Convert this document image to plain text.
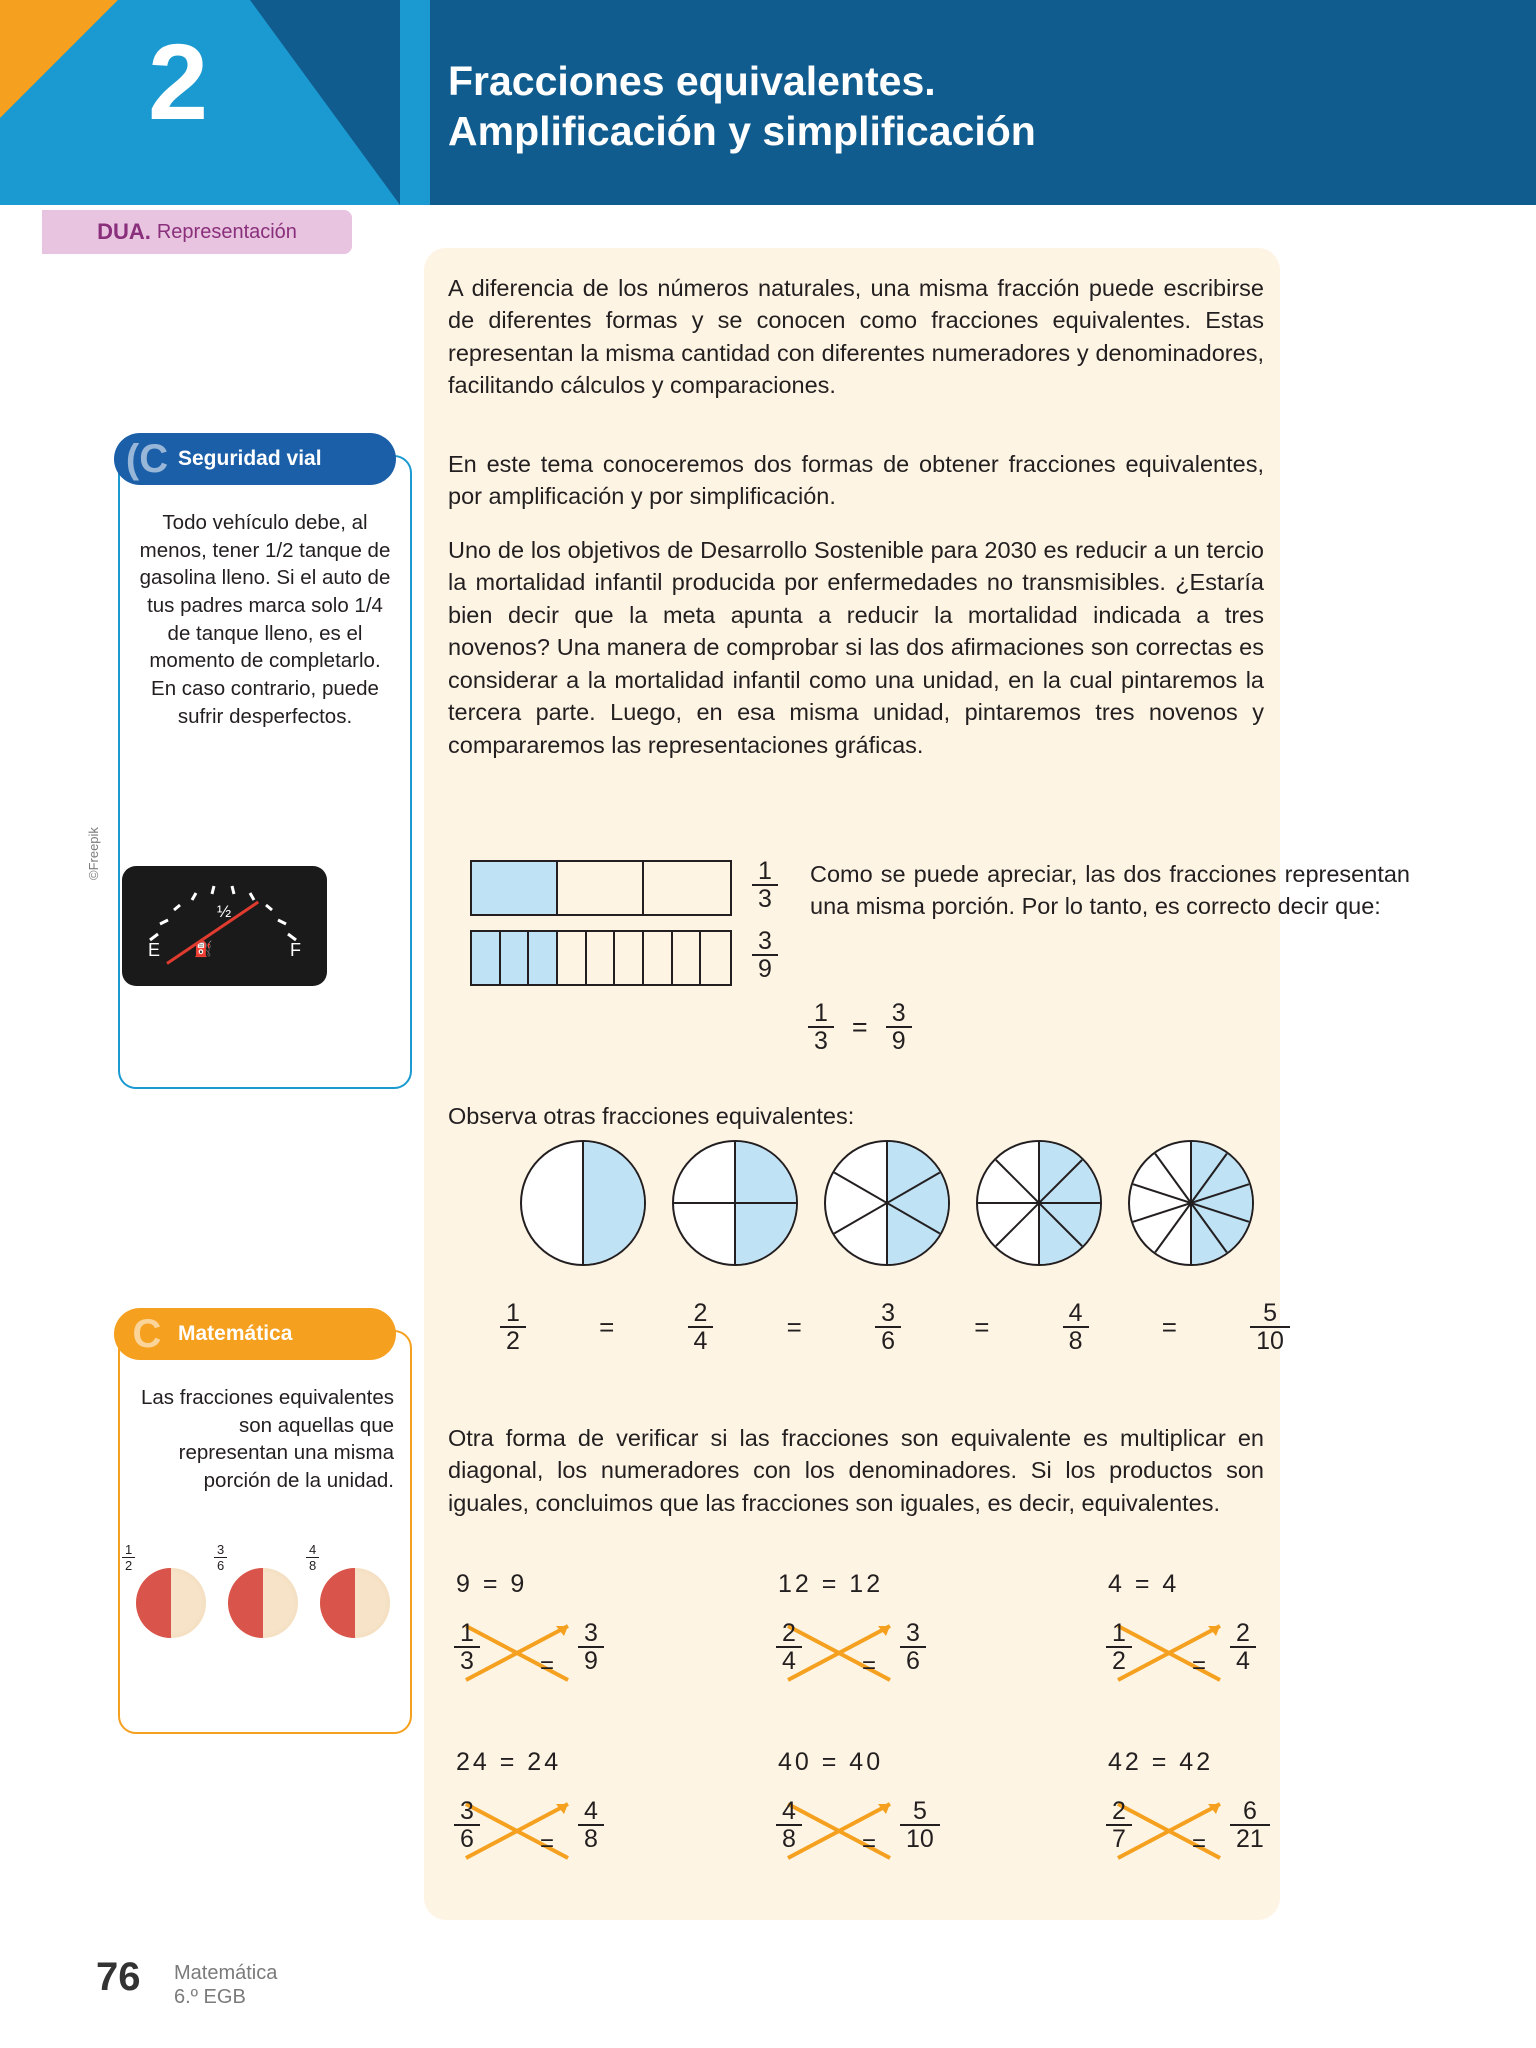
2	Fracciones equivalentes.
Amplificación y simplificación
DUA. Representación
(C Seguridad vial
Todo vehículo debe, al menos, tener 1/2 tanque de gasolina lleno. Si el auto de tus padres marca solo 1/4 de tanque lleno, es el momento de completarlo. En caso contrario, puede sufrir desperfectos.
©Freepik
½
E	F
⛽
C Matemática
Las fracciones equivalentes son aquellas que representan una misma porción de la unidad.
$\frac{1}{2}$	$\frac{3}{6}$	$\frac{4}{8}$
A diferencia de los números naturales, una misma fracción puede escribirse de diferentes formas y se conocen como fracciones equivalentes. Estas representan la misma cantidad con diferentes numeradores y denominadores, facilitando cálculos y comparaciones.
En este tema conoceremos dos formas de obtener fracciones equivalentes, por amplificación y por simplificación.
Uno de los objetivos de Desarrollo Sostenible para 2030 es reducir a un tercio la mortalidad infantil producida por enfermedades no transmisibles. ¿Estaría bien decir que la meta apunta a reducir la mortalidad indicada a tres novenos? Una manera de comprobar si las dos afirmaciones son correctas es considerar a la mortalidad infantil como una unidad, en la cual pintaremos la tercera parte. Luego, en esa misma unidad, pintaremos tres novenos y compararemos las representaciones gráficas.
$\frac{1}{3}$
$\frac{3}{9}$
Como se puede apreciar, las dos fracciones representan una misma porción. Por lo tanto, es correcto decir que:
$\frac{1}{3} = \frac{3}{9}$
Observa otras fracciones equivalentes:
$\frac{1}{2}$	=	$\frac{2}{4}$	=	$\frac{3}{6}$	=	$\frac{4}{8}$	=	$\frac{5}{10}$
Otra forma de verificar si las fracciones son equivalente es multiplicar en diagonal, los numeradores con los denominadores. Si los productos son iguales, concluimos que las fracciones son iguales, es decir, equivalentes.
9 = 9
$\frac{1}{3}$	= $\frac{3}{9}$
12 = 12
$\frac{2}{4}$	= $\frac{3}{6}$
4 = 4
$\frac{1}{2}$	= $\frac{2}{4}$
24 = 24
$\frac{3}{6}$	= $\frac{4}{8}$
40 = 40
$\frac{4}{8}$	= $\frac{5}{10}$
42 = 42
$\frac{2}{7}$	= $\frac{6}{21}$
76 Matemática
6.º EGB
